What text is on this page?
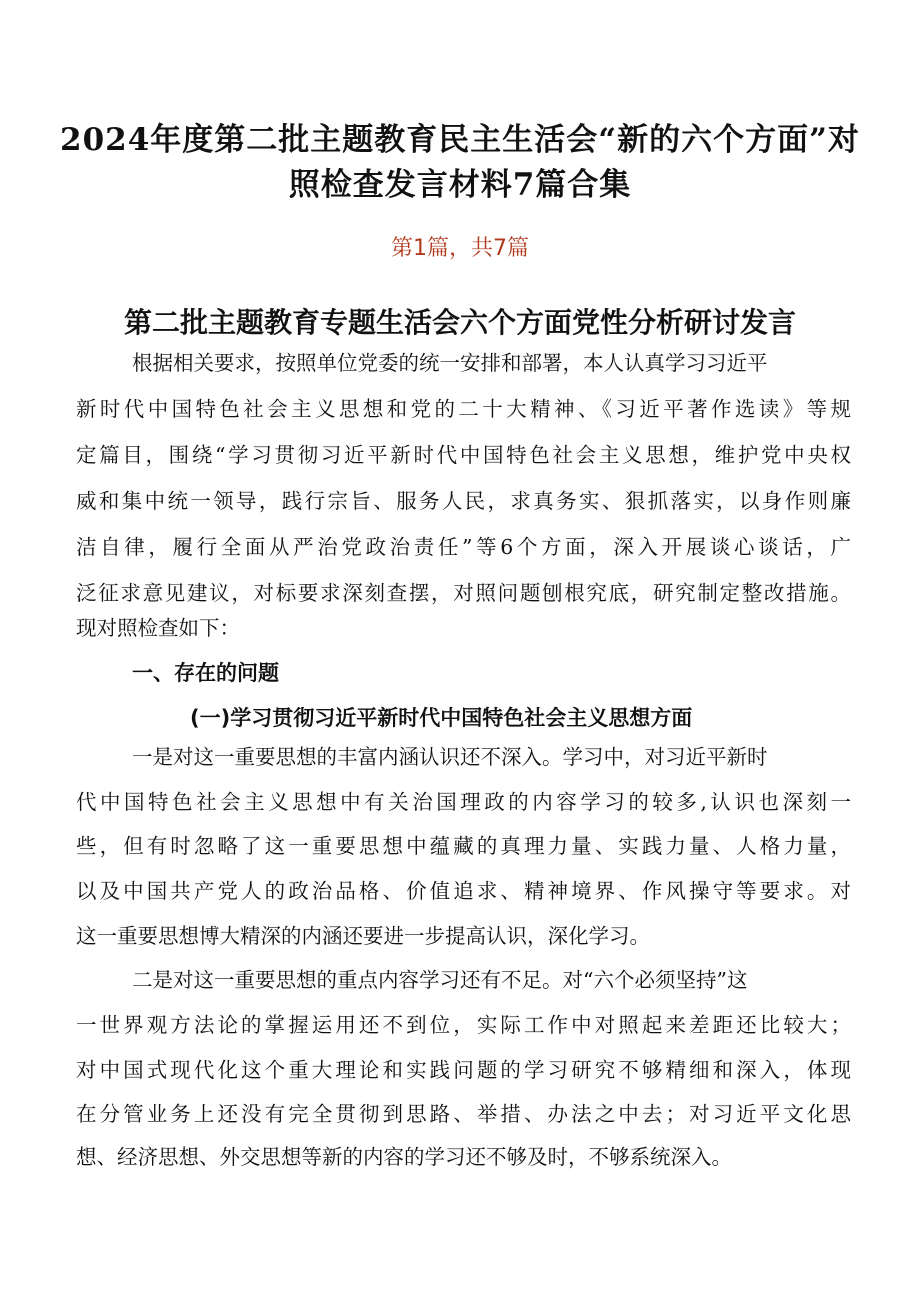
2024年度第二批主题教育民主生活会“新的六个方面”对
照检查发言材料7篇合集

第1篇，共7篇

第二批主题教育专题生活会六个方面党性分析研讨发言

根据相关要求，按照单位党委的统一安排和部署，本人认真学习习近平

新时代中国特色社会主义思想和党的二十大精神、《习近平著作选读》等规

定篇目，围绕“学习贯彻习近平新时代中国特色社会主义思想，维护党中央权

威和集中统一领导，践行宗旨、服务人民，求真务实、狠抓落实，以身作则廉

洁自律，履行全面从严治党政治责任”等6个方面，深入开展谈心谈话，广

泛征求意见建议，对标要求深刻查摆，对照问题刨根究底，研究制定整改措施。

现对照检查如下：

一、存在的问题
(一)学习贯彻习近平新时代中国特色社会主义思想方面

一是对这一重要思想的丰富内涵认识还不深入。学习中，对习近平新时

代中国特色社会主义思想中有关治国理政的内容学习的较多,认识也深刻一

些，但有时忽略了这一重要思想中蕴藏的真理力量、实践力量、人格力量，

以及中国共产党人的政治品格、价值追求、精神境界、作风操守等要求。对

这一重要思想博大精深的内涵还要进一步提高认识，深化学习。

二是对这一重要思想的重点内容学习还有不足。对“六个必须坚持”这

一世界观方法论的掌握运用还不到位，实际工作中对照起来差距还比较大；

对中国式现代化这个重大理论和实践问题的学习研究不够精细和深入，体现

在分管业务上还没有完全贯彻到思路、举措、办法之中去；对习近平文化思

想、经济思想、外交思想等新的内容的学习还不够及时，不够系统深入。
